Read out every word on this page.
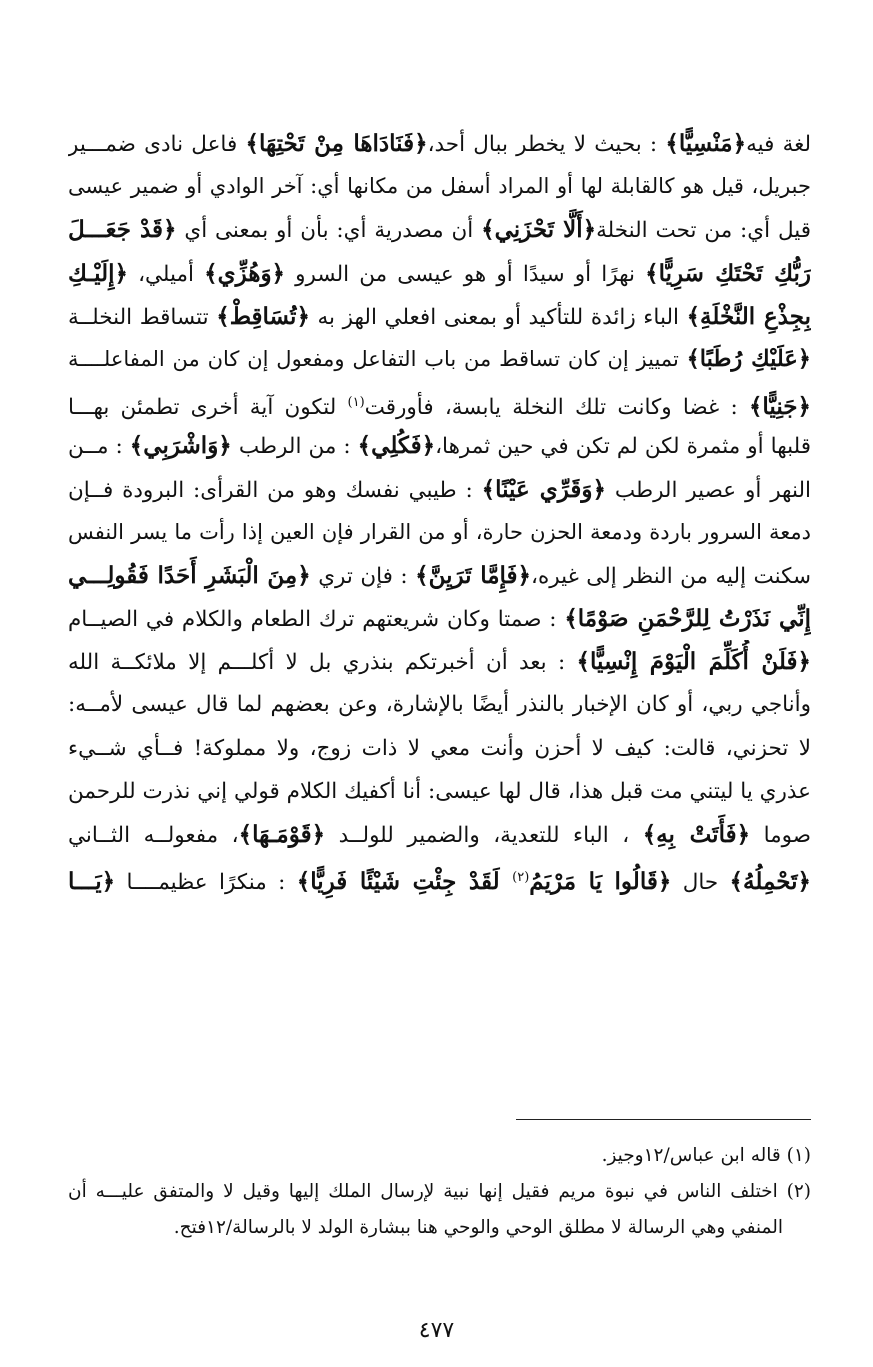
لغة فيه﴿مَنْسِيًّا﴾ : بحيث لا يخطر ببال أحد،﴿فَنَادَاهَا مِنْ تَحْتِهَا﴾ فاعل نادى ضمـــير
جبريل، قيل هو كالقابلة لها أو المراد أسفل من مكانها أي: آخر الوادي أو ضمير عيسى
قيل أي: من تحت النخلة﴿أَلَّا تَحْزَنِي﴾ أن مصدرية أي: بأن أو بمعنى أي ﴿قَدْ جَعَـــلَ
رَبُّكِ تَحْتَكِ سَرِيًّا﴾ نهرًا أو سيدًا أو هو عيسى من السرو ﴿وَهُزِّي﴾ أميلي، ﴿إِلَيْـكِ
بِجِذْعِ النَّخْلَةِ﴾ الباء زائدة للتأكيد أو بمعنى افعلي الهز به ﴿تُسَاقِطْ﴾ تتساقط النخلــة
﴿عَلَيْكِ رُطَبًا﴾ تمييز إن كان تساقط من باب التفاعل ومفعول إن كان من المفاعلــــة
﴿جَنِيًّا﴾ : غضا وكانت تلك النخلة يابسة، فأورقت$^{(١)}$ لتكون آية أخرى تطمئن بهـــا
قلبها أو مثمرة لكن لم تكن في حين ثمرها،﴿فَكُلِي﴾ : من الرطب ﴿وَاشْرَبِي﴾ : مــن
النهر أو عصير الرطب ﴿وَقَرِّي عَيْنًا﴾ : طيبي نفسك وهو من القرأى: البرودة فــإن
دمعة السرور باردة ودمعة الحزن حارة، أو من القرار فإن العين إذا رأت ما يسر النفس
سكنت إليه من النظر إلى غيره،﴿فَإِمَّا تَرَيِنَّ﴾ : فإن تري ﴿مِنَ الْبَشَرِ أَحَدًا فَقُولِـــي
إِنِّي نَذَرْتُ لِلرَّحْمَنِ صَوْمًا﴾ : صمتا وكان شريعتهم ترك الطعام والكلام في الصيــام
﴿فَلَنْ أُكَلِّمَ الْيَوْمَ إِنْسِيًّا﴾ : بعد أن أخبرتكم بنذري بل لا أكلـــم إلا ملائكــة الله
وأناجي ربي، أو كان الإخبار بالنذر أيضًا بالإشارة، وعن بعضهم لما قال عيسى لأمــه:
لا تحزني، قالت: كيف لا أحزن وأنت معي لا ذات زوج، ولا مملوكة! فــأي شــيء
عذري يا ليتني مت قبل هذا، قال لها عيسى: أنا أكفيك الكلام قولي إني نذرت للرحمن
صوما ﴿فَأَتَتْ بِهِ﴾ ، الباء للتعدية، والضمير للولــد ﴿قَوْمَـهَا﴾، مفعولــه الثــاني
﴿تَحْمِلُهُ﴾ حال ﴿قَالُوا يَا مَرْيَمُ$^{(٢)}$ لَقَدْ جِئْتِ شَيْئًا فَرِيًّا﴾ : منكرًا عظيمــــا ﴿يَـــا
(١) قاله ابن عباس/١٢وجيز.
(٢) اختلف الناس في نبوة مريم فقيل إنها نبية لإرسال الملك إليها وقيل لا والمتفق عليـــه أن
المنفي وهي الرسالة لا مطلق الوحي والوحي هنا ببشارة الولد لا بالرسالة/١٢فتح.
٤٧٧
